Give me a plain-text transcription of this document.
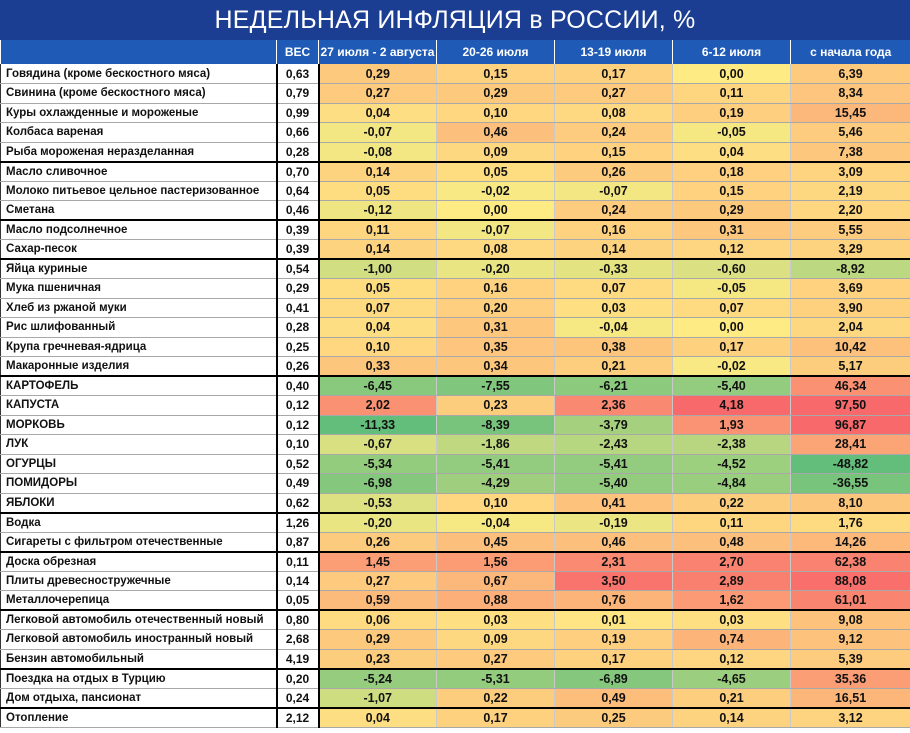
НЕДЕЛЬНАЯ ИНФЛЯЦИЯ в РОССИИ, %
	ВЕС	27 июля - 2 августа	20-26 июля	13-19 июля	6-12 июля	с начала года
Говядина (кроме бескостного мяса)	0,63	0,29	0,15	0,17	0,00	6,39
Свинина (кроме бескостного мяса)	0,79	0,27	0,29	0,27	0,11	8,34
Куры охлажденные и мороженые	0,99	0,04	0,10	0,08	0,19	15,45
Колбаса вареная	0,66	-0,07	0,46	0,24	-0,05	5,46
Рыба мороженая неразделанная	0,28	-0,08	0,09	0,15	0,04	7,38
Масло сливочное	0,70	0,14	0,05	0,26	0,18	3,09
Молоко питьевое цельное пастеризованное	0,64	0,05	-0,02	-0,07	0,15	2,19
Сметана	0,46	-0,12	0,00	0,24	0,29	2,20
Масло подсолнечное	0,39	0,11	-0,07	0,16	0,31	5,55
Сахар-песок	0,39	0,14	0,08	0,14	0,12	3,29
Яйца куриные	0,54	-1,00	-0,20	-0,33	-0,60	-8,92
Мука пшеничная	0,29	0,05	0,16	0,07	-0,05	3,69
Хлеб из ржаной муки	0,41	0,07	0,20	0,03	0,07	3,90
Рис шлифованный	0,28	0,04	0,31	-0,04	0,00	2,04
Крупа гречневая-ядрица	0,25	0,10	0,35	0,38	0,17	10,42
Макаронные изделия	0,26	0,33	0,34	0,21	-0,02	5,17
КАРТОФЕЛЬ	0,40	-6,45	-7,55	-6,21	-5,40	46,34
КАПУСТА	0,12	2,02	0,23	2,36	4,18	97,50
МОРКОВЬ	0,12	-11,33	-8,39	-3,79	1,93	96,87
ЛУК	0,10	-0,67	-1,86	-2,43	-2,38	28,41
ОГУРЦЫ	0,52	-5,34	-5,41	-5,41	-4,52	-48,82
ПОМИДОРЫ	0,49	-6,98	-4,29	-5,40	-4,84	-36,55
ЯБЛОКИ	0,62	-0,53	0,10	0,41	0,22	8,10
Водка	1,26	-0,20	-0,04	-0,19	0,11	1,76
Сигареты с фильтром отечественные	0,87	0,26	0,45	0,46	0,48	14,26
Доска обрезная	0,11	1,45	1,56	2,31	2,70	62,38
Плиты древесностружечные	0,14	0,27	0,67	3,50	2,89	88,08
Металлочерепица	0,05	0,59	0,88	0,76	1,62	61,01
Легковой автомобиль отечественный новый	0,80	0,06	0,03	0,01	0,03	9,08
Легковой автомобиль иностранный новый	2,68	0,29	0,09	0,19	0,74	9,12
Бензин автомобильный	4,19	0,23	0,27	0,17	0,12	5,39
Поездка на отдых в Турцию	0,20	-5,24	-5,31	-6,89	-4,65	35,36
Дом отдыха, пансионат	0,24	-1,07	0,22	0,49	0,21	16,51
Отопление	2,12	0,04	0,17	0,25	0,14	3,12
